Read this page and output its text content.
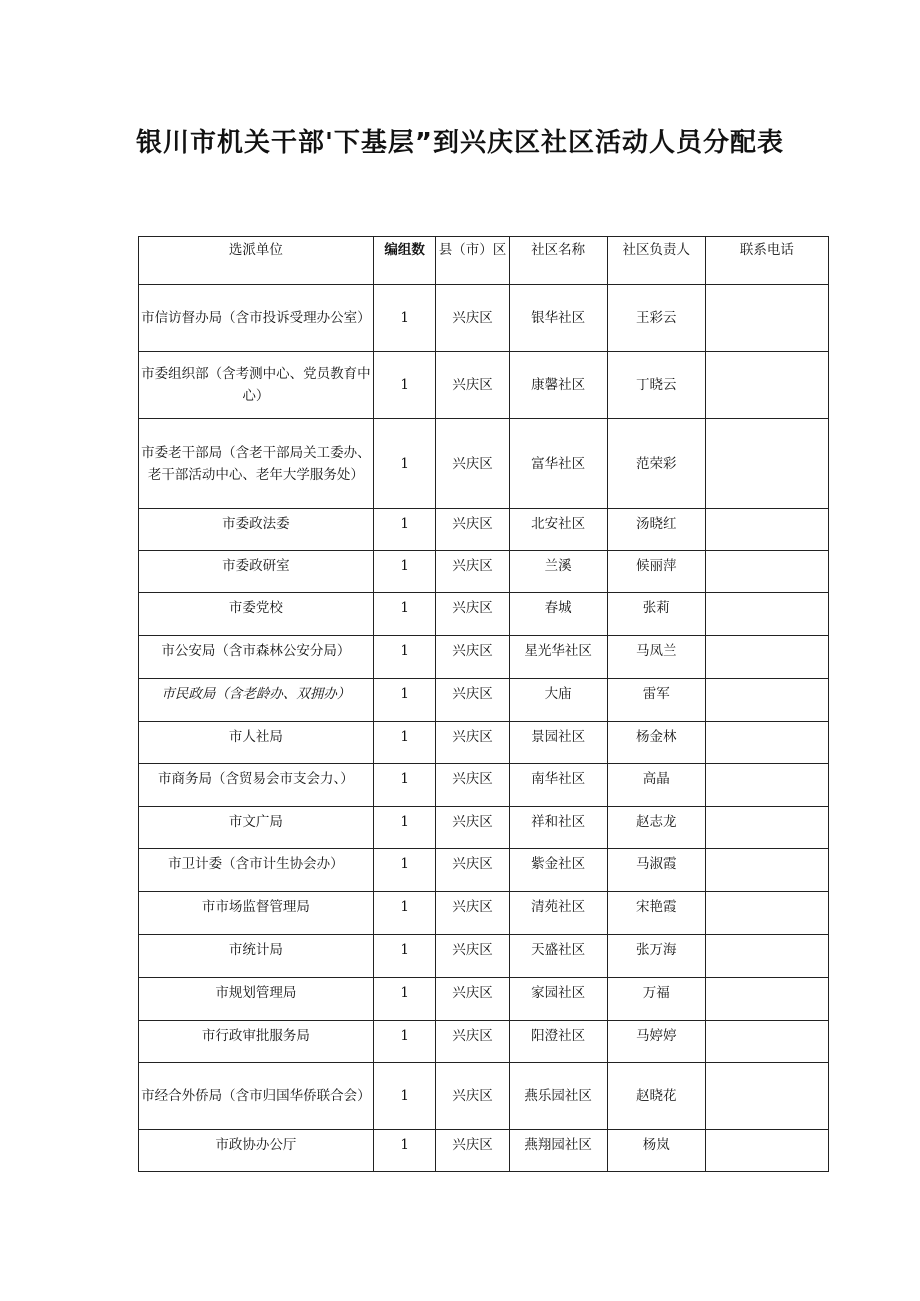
银川市机关干部'下基层”到兴庆区社区活动人员分配表
选派单位	编组数	县（市）区	社区名称	社区负责人	联系电话
市信访督办局（含市投诉受理办公室）	1	兴庆区	银华社区	王彩云	
市委组织部（含考测中心、党员教育中心）	1	兴庆区	康馨社区	丁晓云	
市委老干部局（含老干部局关工委办、老干部活动中心、老年大学服务处）	1	兴庆区	富华社区	范荣彩	
市委政法委	1	兴庆区	北安社区	汤晓红	
市委政研室	1	兴庆区	兰溪	候丽萍	
市委党校	1	兴庆区	春城	张莉	
市公安局（含市森林公安分局）	1	兴庆区	星光华社区	马凤兰	
市民政局（含老龄办、双拥办）	1	兴庆区	大庙	雷军	
市人社局	1	兴庆区	景园社区	杨金林	
市商务局（含贸易会市支会力、）	1	兴庆区	南华社区	高晶	
市文广局	1	兴庆区	祥和社区	赵志龙	
市卫计委（含市计生协会办）	1	兴庆区	紫金社区	马淑霞	
市市场监督管理局	1	兴庆区	清苑社区	宋艳霞	
市统计局	1	兴庆区	天盛社区	张万海	
市规划管理局	1	兴庆区	家园社区	万福	
市行政审批服务局	1	兴庆区	阳澄社区	马婷婷	
市经合外侨局（含市归国华侨联合会）	1	兴庆区	燕乐园社区	赵晓花	
市政协办公厅	1	兴庆区	燕翔园社区	杨岚	
